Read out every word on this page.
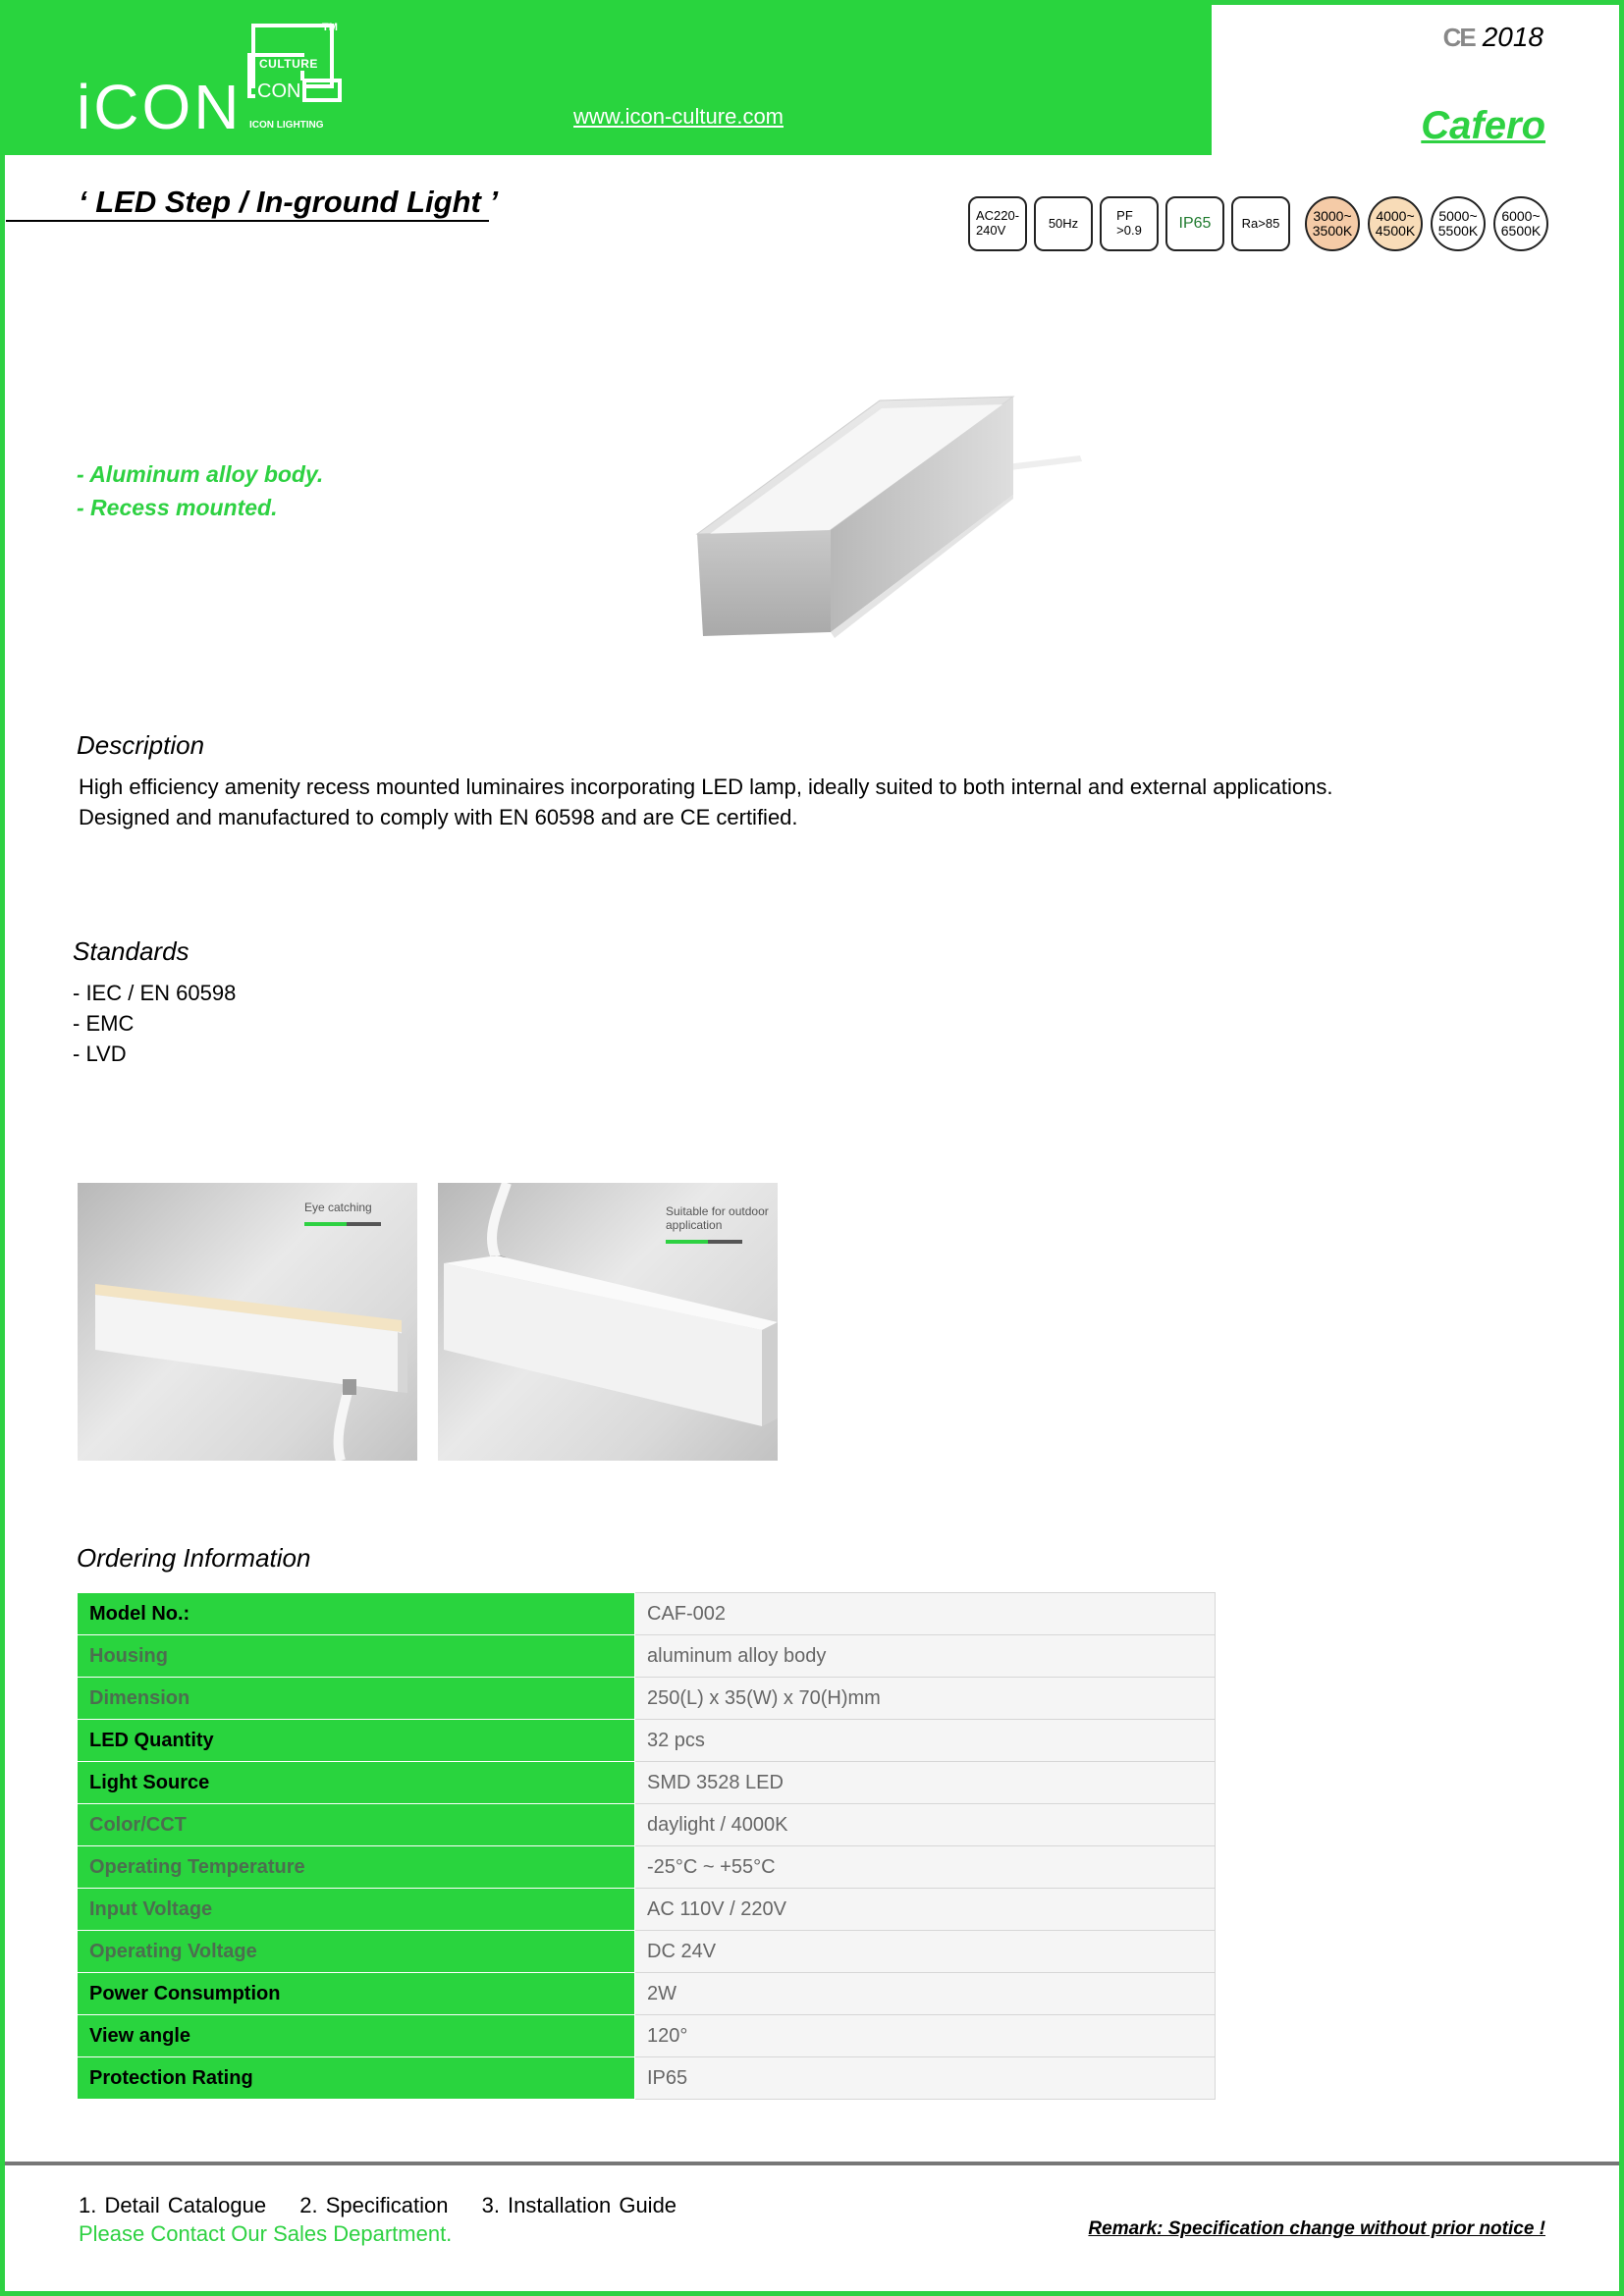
iCON
CULTURE
CON
TM
ICON LIGHTING	www.icon-culture.com
CE 2018
Cafero
‘ LED Step / In-ground Light ’	AC220-
240V	50Hz	PF
>0.9 IP65 Ra>85 3000~
3500K
4000~
4500K
5000~
5500K
6000~
6500K
- Aluminum alloy body.
- Recess mounted.
Description
High efficiency amenity recess mounted luminaires incorporating LED lamp, ideally suited to both internal and external applications.
Designed and manufactured to comply with EN 60598 and are CE certified.
Standards
- IEC / EN 60598
- EMC
- LVD
Eye catching	Suitable for outdoor application
Ordering Information
Model No.:	CAF-002
Housing	aluminum alloy body
Dimension	250(L) x 35(W) x 70(H)mm
LED Quantity	32 pcs
Light Source	SMD 3528 LED
Color/CCT	daylight / 4000K
Operating Temperature	-25°C ~ +55°C
Input Voltage	AC 110V / 220V
Operating Voltage	DC 24V
Power Consumption	2W
View angle	120°
Protection Rating	IP65
1. Detail Catalogue 2. Specification 3. Installation Guide
Please Contact Our Sales Department.	Remark: Specification change without prior notice !
